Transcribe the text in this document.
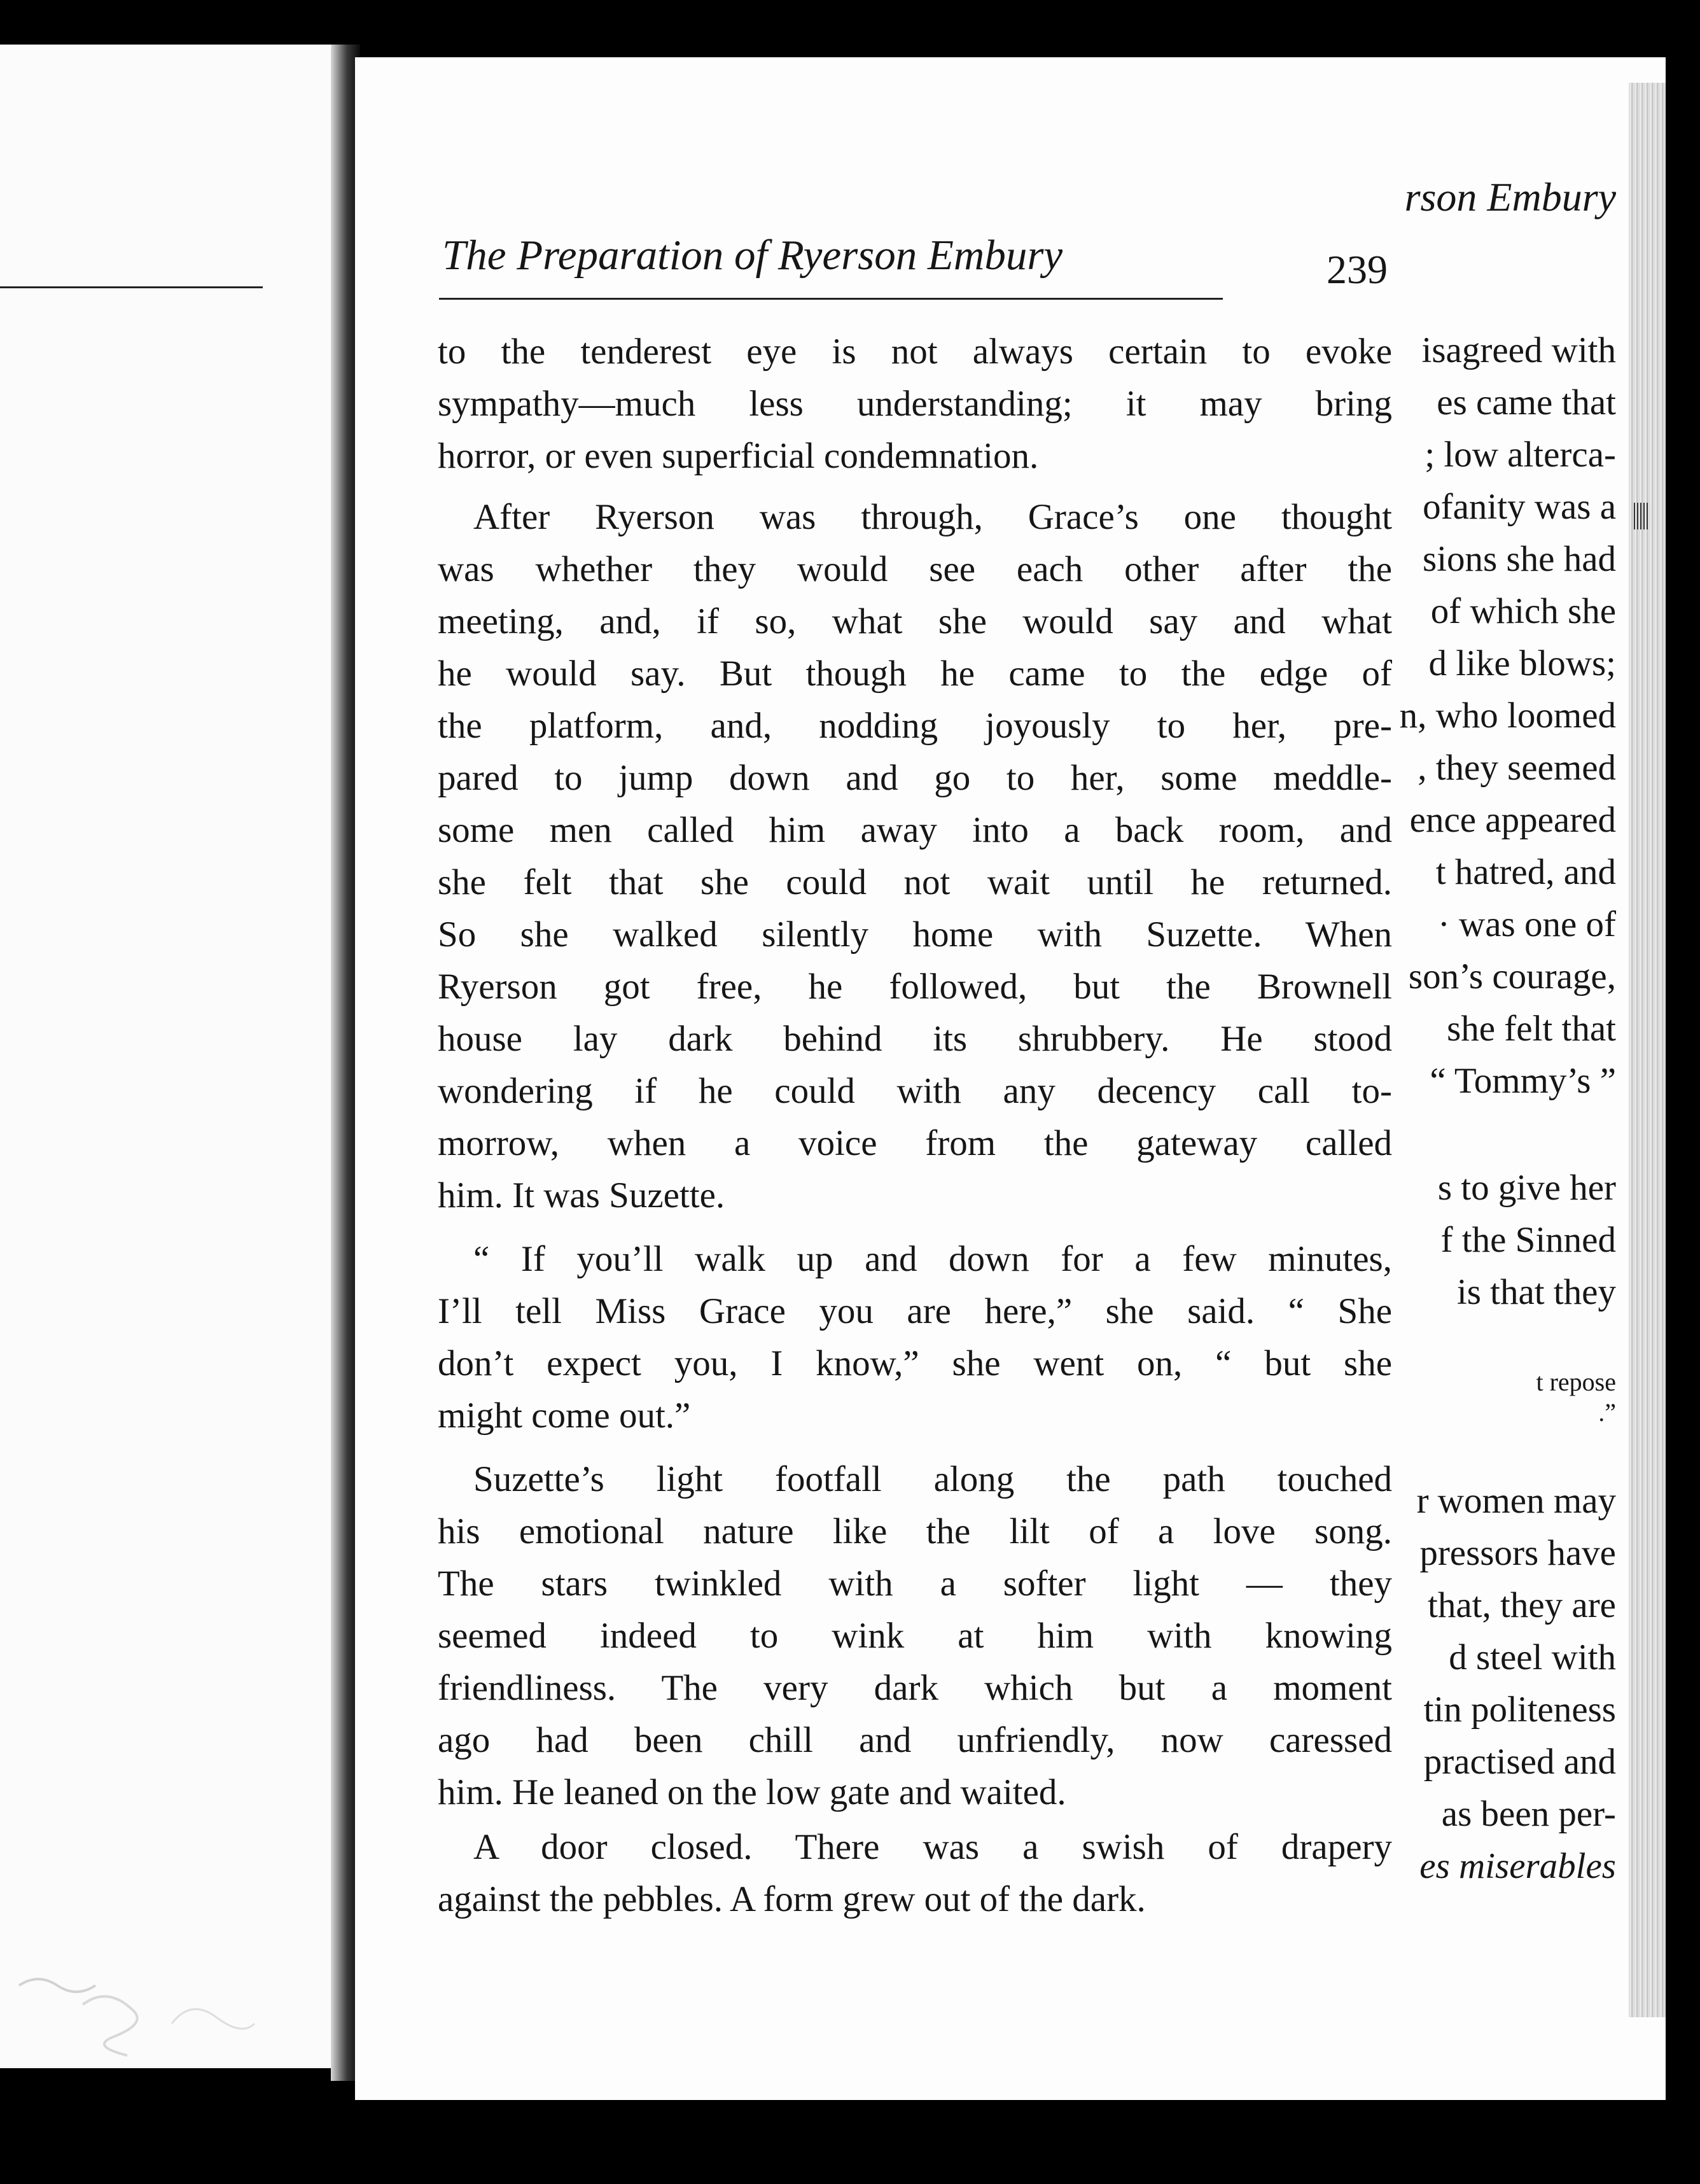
rson Embury
isagreed with
es came that
; low alterca-
ofanity was a
sions she had
of which she
d like blows;
n, who loomed
, they seemed
ence appeared
t hatred, and
· was one of
son’s courage,
she felt that
“ Tommy’s ”
s to give her
f the Sinned
is that they
t repose
.”
r women may
pressors have
that, they are
d steel with
tin politeness
practised and
as been per-
es miserables
The Preparation of Ryerson Embury	239
to the tenderest eye is not always certain to evoke
sympathy—much less understanding; it may bring
horror, or even superficial condemnation.
After Ryerson was through, Grace’s one thought
was whether they would see each other after the
meeting, and, if so, what she would say and what
he would say. But though he came to the edge of
the platform, and, nodding joyously to her, pre-
pared to jump down and go to her, some meddle-
some men called him away into a back room, and
she felt that she could not wait until he returned.
So she walked silently home with Suzette. When
Ryerson got free, he followed, but the Brownell
house lay dark behind its shrubbery. He stood
wondering if he could with any decency call to-
morrow, when a voice from the gateway called
him. It was Suzette.
“ If you’ll walk up and down for a few minutes,
I’ll tell Miss Grace you are here,” she said. “ She
don’t expect you, I know,” she went on, “ but she
might come out.”
Suzette’s light footfall along the path touched
his emotional nature like the lilt of a love song.
The stars twinkled with a softer light — they
seemed indeed to wink at him with knowing
friendliness. The very dark which but a moment
ago had been chill and unfriendly, now caressed
him. He leaned on the low gate and waited.
A door closed. There was a swish of drapery
against the pebbles. A form grew out of the dark.
